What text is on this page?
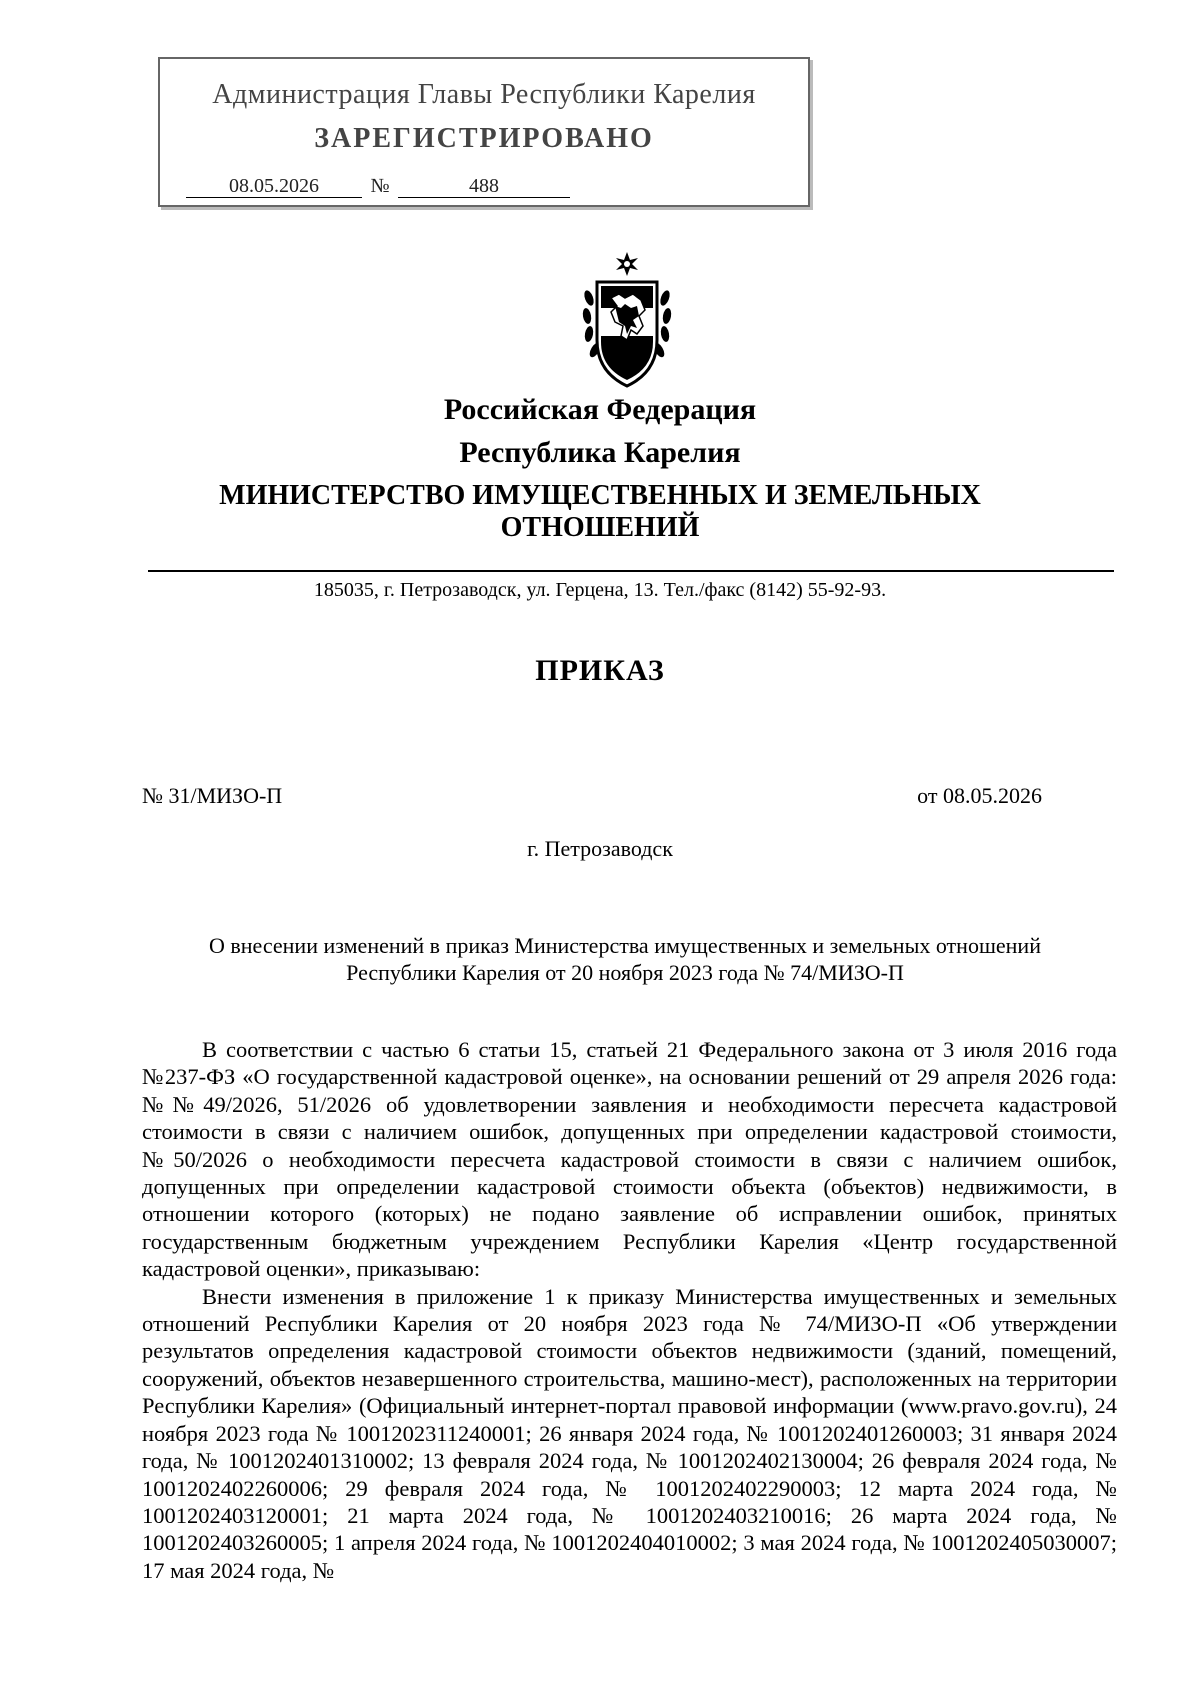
Администрация Главы Республики Карелия
ЗАРЕГИСТРИРОВАНО
08.05.2026	№	488
Российская Федерация
Республика Карелия
МИНИСТЕРСТВО ИМУЩЕСТВЕННЫХ И ЗЕМЕЛЬНЫХ
ОТНОШЕНИЙ
185035, г. Петрозаводск, ул. Герцена, 13. Тел./факс (8142) 55-92-93.
ПРИКАЗ
№ 31/МИЗО-П	от 08.05.2026
г. Петрозаводск
О внесении изменений в приказ Министерства имущественных и земельных отношений
Республики Карелия от 20 ноября 2023 года № 74/МИЗО-П

В соответствии с частью 6 статьи 15, статьей 21 Федерального закона от 3 июля 2016 года №237-ФЗ «О государственной кадастровой оценке», на основании решений от 29 апреля 2026 года: №№49/2026, 51/2026 об удовлетворении заявления и необходимости пересчета кадастровой стоимости в связи с наличием ошибок, допущенных при определении кадастровой стоимости, №50/2026 о необходимости пересчета кадастровой стоимости в связи с наличием ошибок, допущенных при определении кадастровой стоимости объекта (объектов) недвижимости, в отношении которого (которых) не подано заявление об исправлении ошибок, принятых государственным бюджетным учреждением Республики Карелия «Центр государственной кадастровой оценки», приказываю:

Внести изменения в приложение 1 к приказу Министерства имущественных и земельных отношений Республики Карелия от 20 ноября 2023 года № 74/МИЗО-П «Об утверждении результатов определения кадастровой стоимости объектов недвижимости (зданий, помещений, сооружений, объектов незавершенного строительства, машино-мест), расположенных на территории Республики Карелия» (Официальный интернет-портал правовой информации (www.pravo.gov.ru), 24 ноября 2023 года № 1001202311240001; 26 января 2024 года, № 1001202401260003; 31 января 2024 года, № 1001202401310002; 13 февраля 2024 года, № 1001202402130004; 26 февраля 2024 года, № 1001202402260006; 29 февраля 2024 года, № 1001202402290003; 12 марта 2024 года, № 1001202403120001; 21 марта 2024 года, № 1001202403210016; 26 марта 2024 года, № 1001202403260005; 1 апреля 2024 года, № 1001202404010002; 3 мая 2024 года, № 1001202405030007; 17 мая 2024 года, №
